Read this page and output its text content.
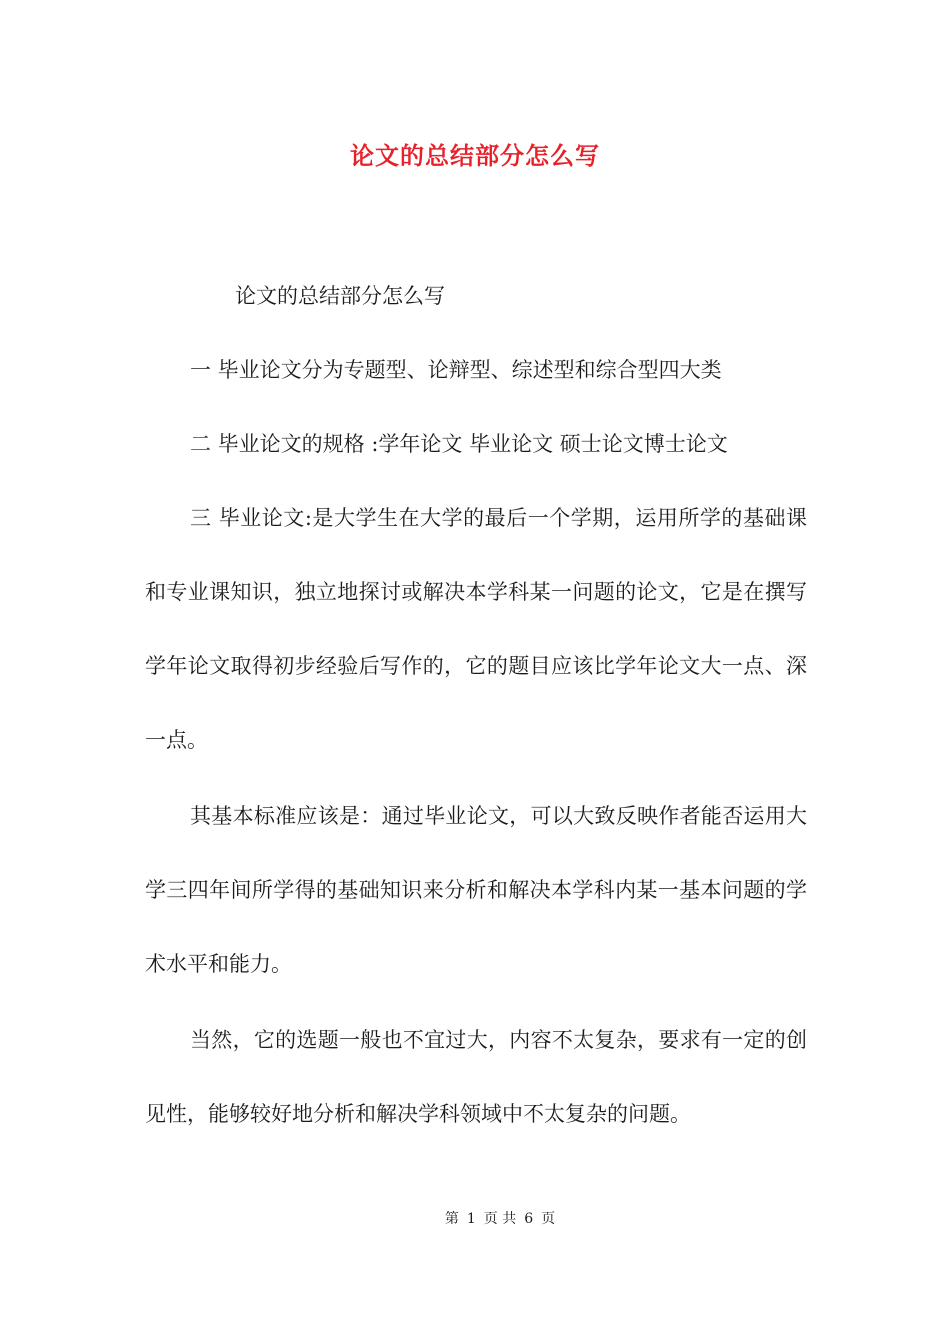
论文的总结部分怎么写

论文的总结部分怎么写

一 毕业论文分为专题型、论辩型、综述型和综合型四大类

二 毕业论文的规格 :学年论文 毕业论文 硕士论文博士论文

三 毕业论文:是大学生在大学的最后一个学期，运用所学的基础课和专业课知识，独立地探讨或解决本学科某一问题的论文，它是在撰写学年论文取得初步经验后写作的，它的题目应该比学年论文大一点、深一点。

其基本标准应该是：通过毕业论文，可以大致反映作者能否运用大学三四年间所学得的基础知识来分析和解决本学科内某一基本问题的学术水平和能力。

当然，它的选题一般也不宜过大，内容不太复杂，要求有一定的创见性，能够较好地分析和解决学科领域中不太复杂的问题。

第 1 页 共 6 页
